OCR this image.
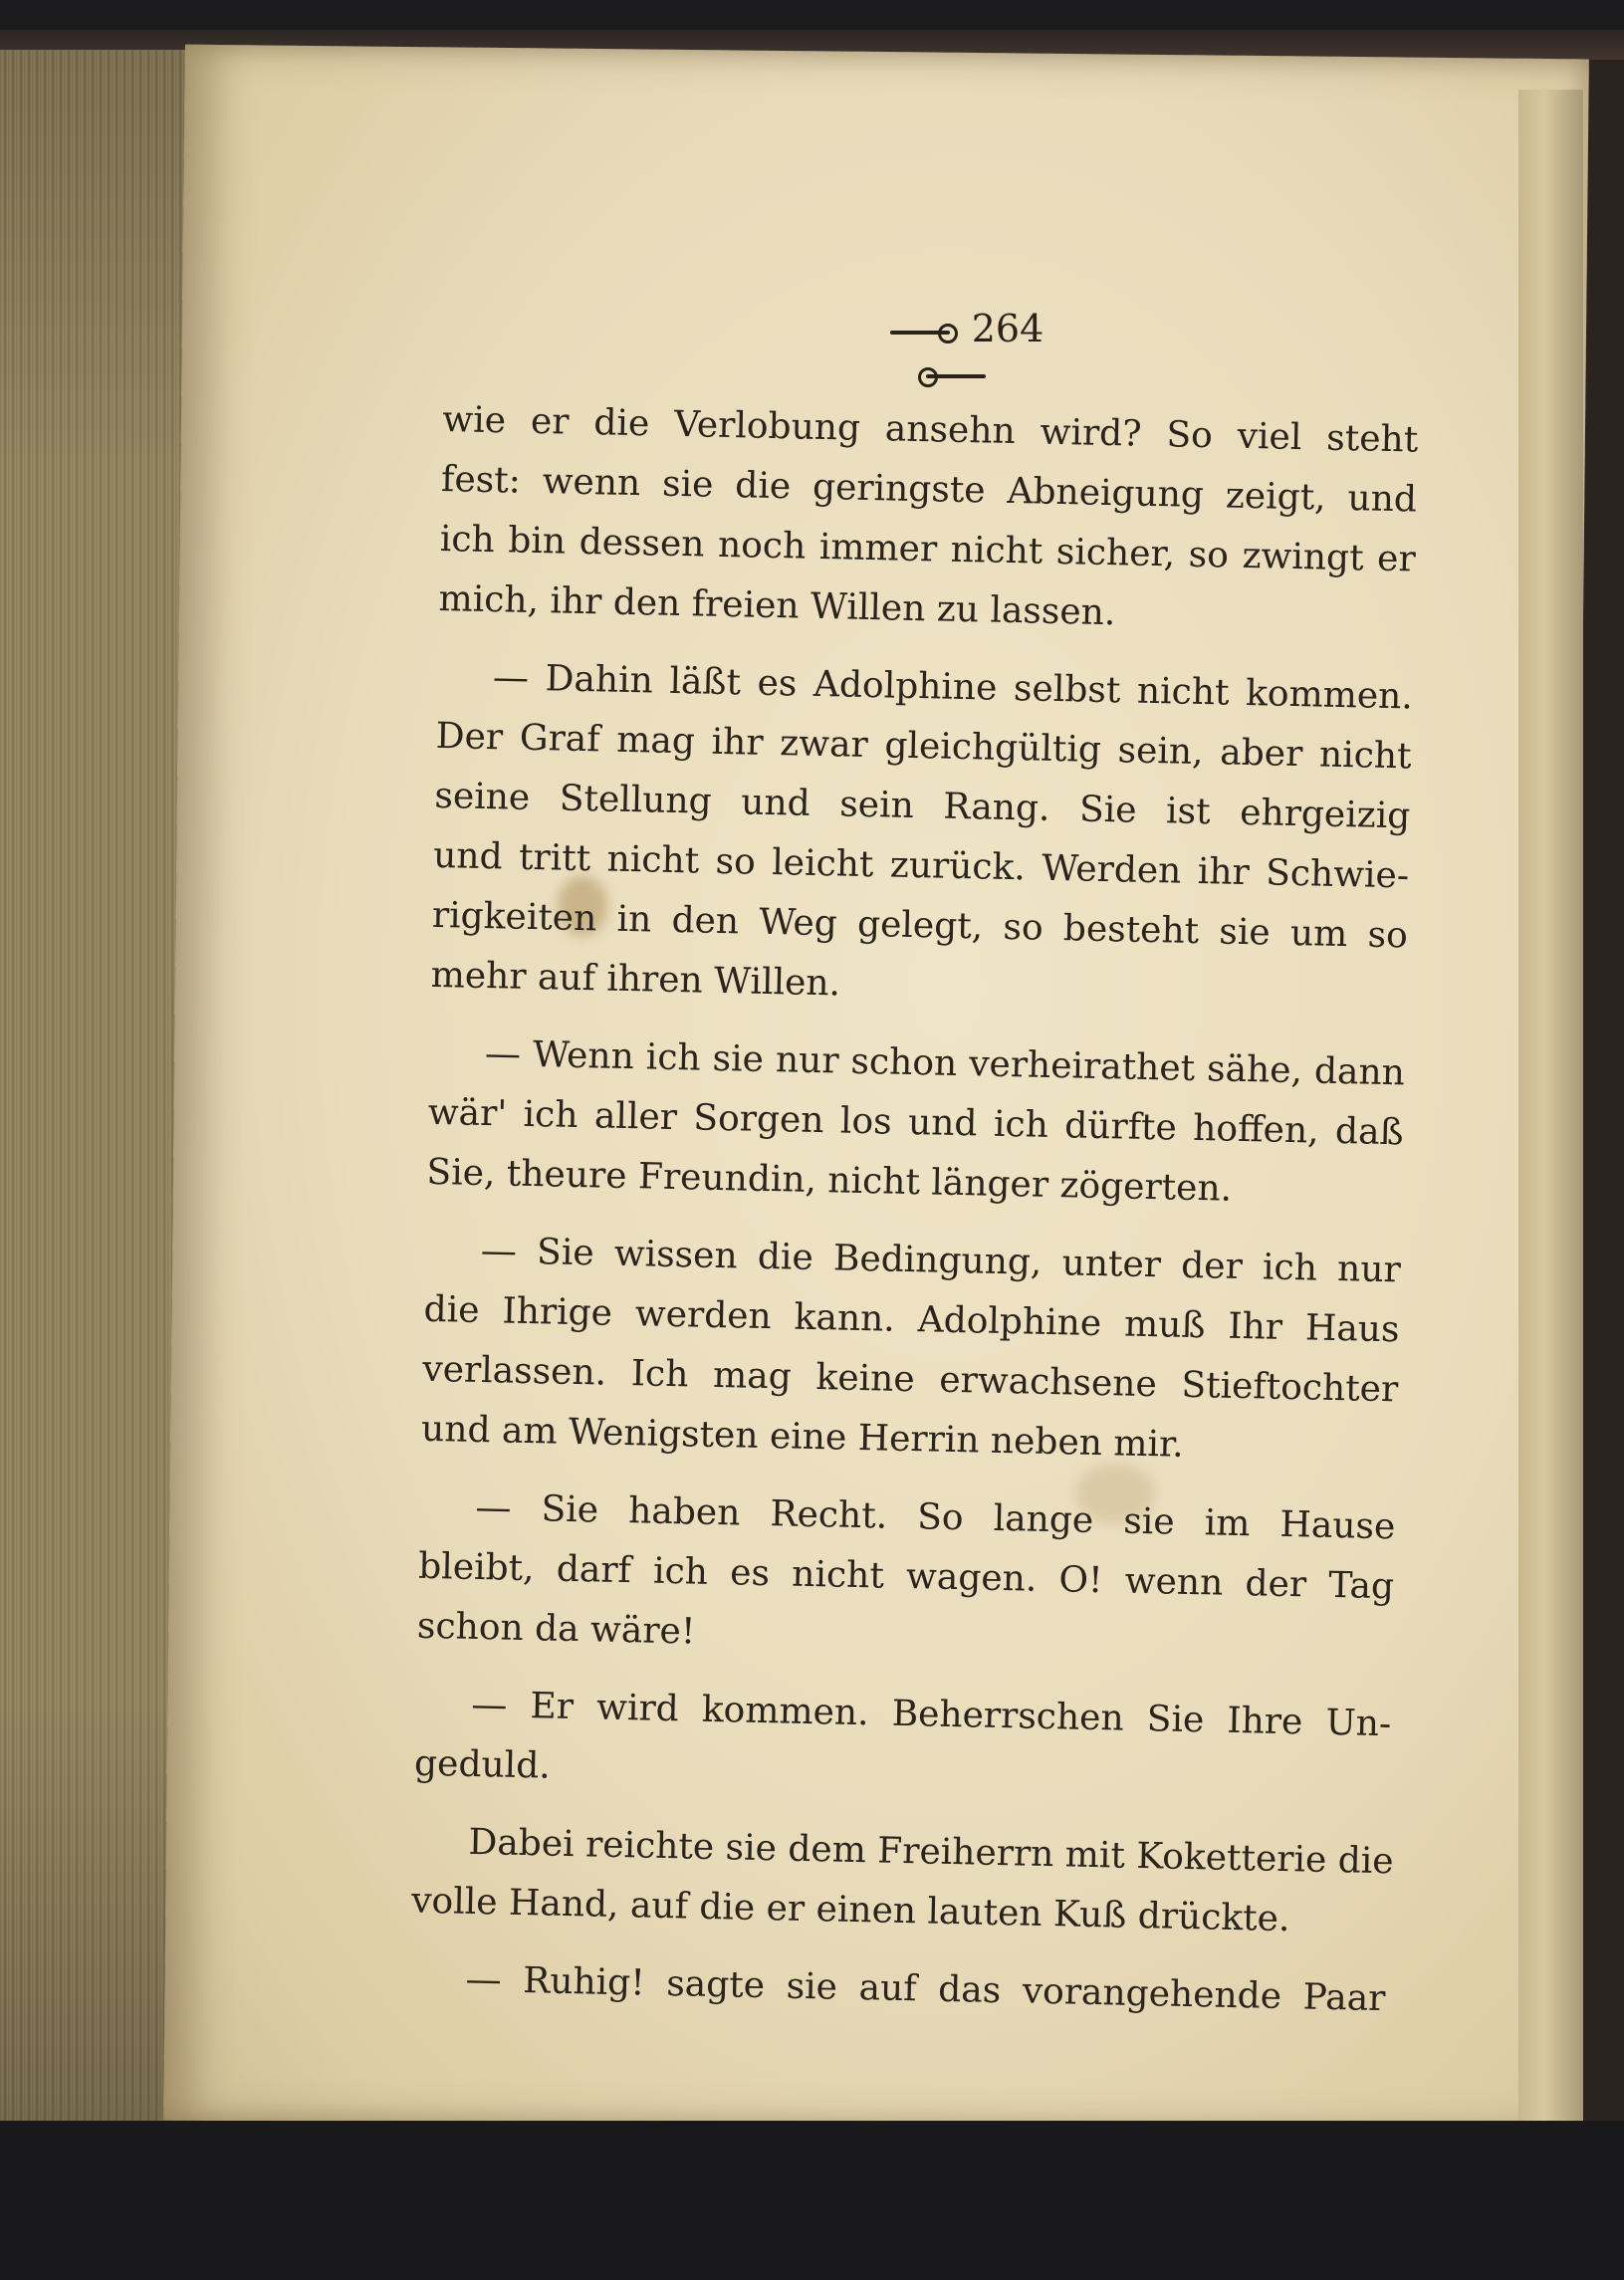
264
wie er die Verlobung ansehn wird? So viel steht
fest: wenn sie die geringste Abneigung zeigt, und
ich bin dessen noch immer nicht sicher, so zwingt er
mich, ihr den freien Willen zu lassen.
— Dahin läßt es Adolphine selbst nicht kommen.
Der Graf mag ihr zwar gleichgültig sein, aber nicht
seine Stellung und sein Rang. Sie ist ehrgeizig
und tritt nicht so leicht zurück. Werden ihr Schwie-
rigkeiten in den Weg gelegt, so besteht sie um so
mehr auf ihren Willen.
— Wenn ich sie nur schon verheirathet sähe, dann
wär' ich aller Sorgen los und ich dürfte hoffen, daß
Sie, theure Freundin, nicht länger zögerten.
— Sie wissen die Bedingung, unter der ich nur
die Ihrige werden kann. Adolphine muß Ihr Haus
verlassen. Ich mag keine erwachsene Stieftochter
und am Wenigsten eine Herrin neben mir.
— Sie haben Recht. So lange sie im Hause
bleibt, darf ich es nicht wagen. O! wenn der Tag
schon da wäre!
— Er wird kommen. Beherrschen Sie Ihre Un-
geduld.
Dabei reichte sie dem Freiherrn mit Koketterie die
volle Hand, auf die er einen lauten Kuß drückte.
— Ruhig! sagte sie auf das vorangehende Paar
